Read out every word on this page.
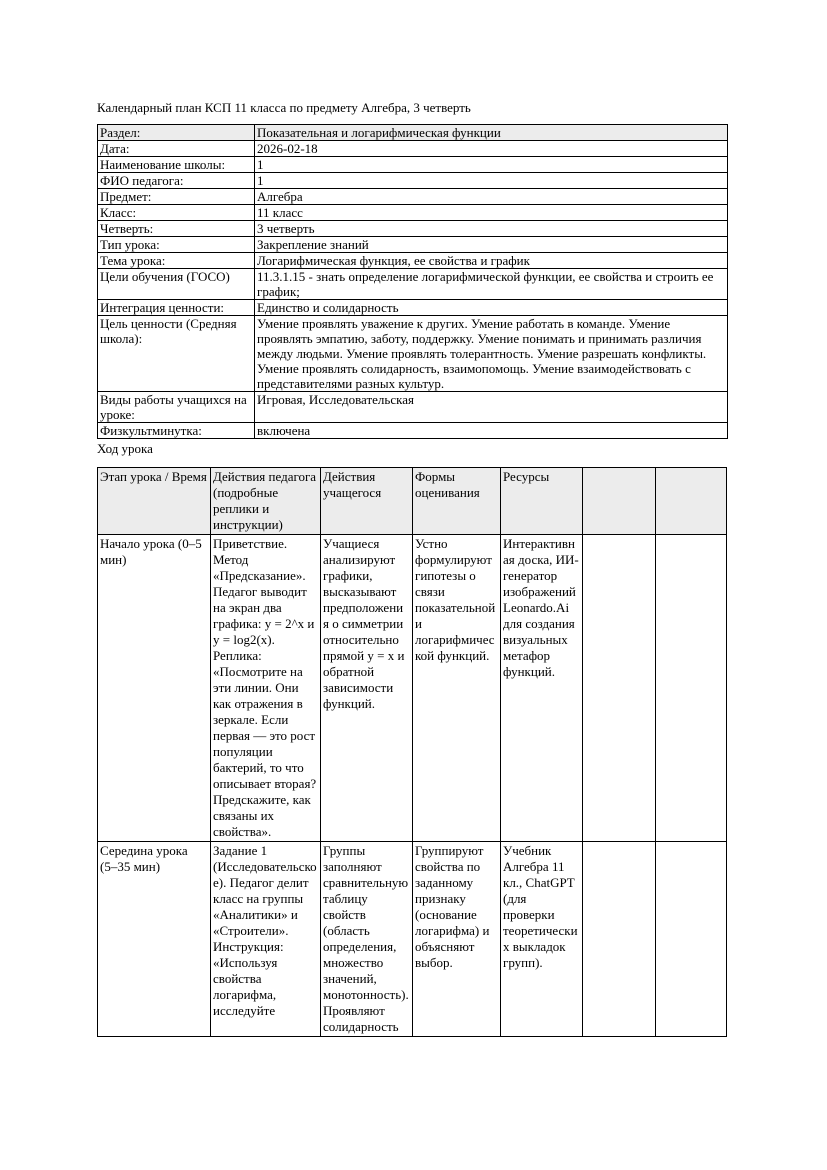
Календарный план КСП 11 класса по предмету Алгебра, 3 четверть

Раздел:	Показательная и логарифмическая функции
Дата:	2026-02-18
Наименование школы:	1
ФИО педагога:	1
Предмет:	Алгебра
Класс:	11 класс
Четверть:	3 четверть
Тип урока:	Закрепление знаний
Тема урока:	Логарифмическая функция, ее свойства и график
Цели обучения (ГОСО)	11.3.1.15 - знать определение логарифмической функции, ее свойства и строить ее график;
Интеграция ценности:	Единство и солидарность
Цель ценности (Средняя школа):	Умение проявлять уважение к других. Умение работать в команде. Умение проявлять эмпатию, заботу, поддержку. Умение понимать и принимать различия между людьми. Умение проявлять толерантность. Умение разрешать конфликты. Умение проявлять солидарность, взаимопомощь. Умение взаимодействовать с представителями разных культур.
Виды работы учащихся на уроке:	Игровая, Исследовательская
Физкультминутка:	включена

Ход урока

Этап урока / Время	Действия педагога (подробные реплики и инструкции)	Действия учащегося	Формы оценивания	Ресурсы		
Начало урока (0–5 мин)	Приветствие. Метод «Предсказание». Педагог выводит на экран два графика: y = 2^x и y = log2(x). Реплика: «Посмотрите на эти линии. Они как отражения в зеркале. Если первая — это рост популяции бактерий, то что описывает вторая? Предскажите, как связаны их свойства».	Учащиеся анализируют графики, высказывают предположения о симметрии относительно прямой y = x и обратной зависимости функций.	Устно формулируют гипотезы о связи показательной и логарифмической функций.	Интерактивная доска, ИИ-генератор изображений Leonardo.Ai для создания визуальных метафор функций.		
Середина урока (5–35 мин)	Задание 1 (Исследовательское). Педагог делит класс на группы «Аналитики» и «Строители». Инструкция: «Используя свойства логарифма, исследуйте	Группы заполняют сравнительную таблицу свойств (область определения, множество значений, монотонность). Проявляют солидарность	Группируют свойства по заданному признаку (основание логарифма) и объясняют выбор.	Учебник Алгебра 11 кл., ChatGPT (для проверки теоретических выкладок групп).		
